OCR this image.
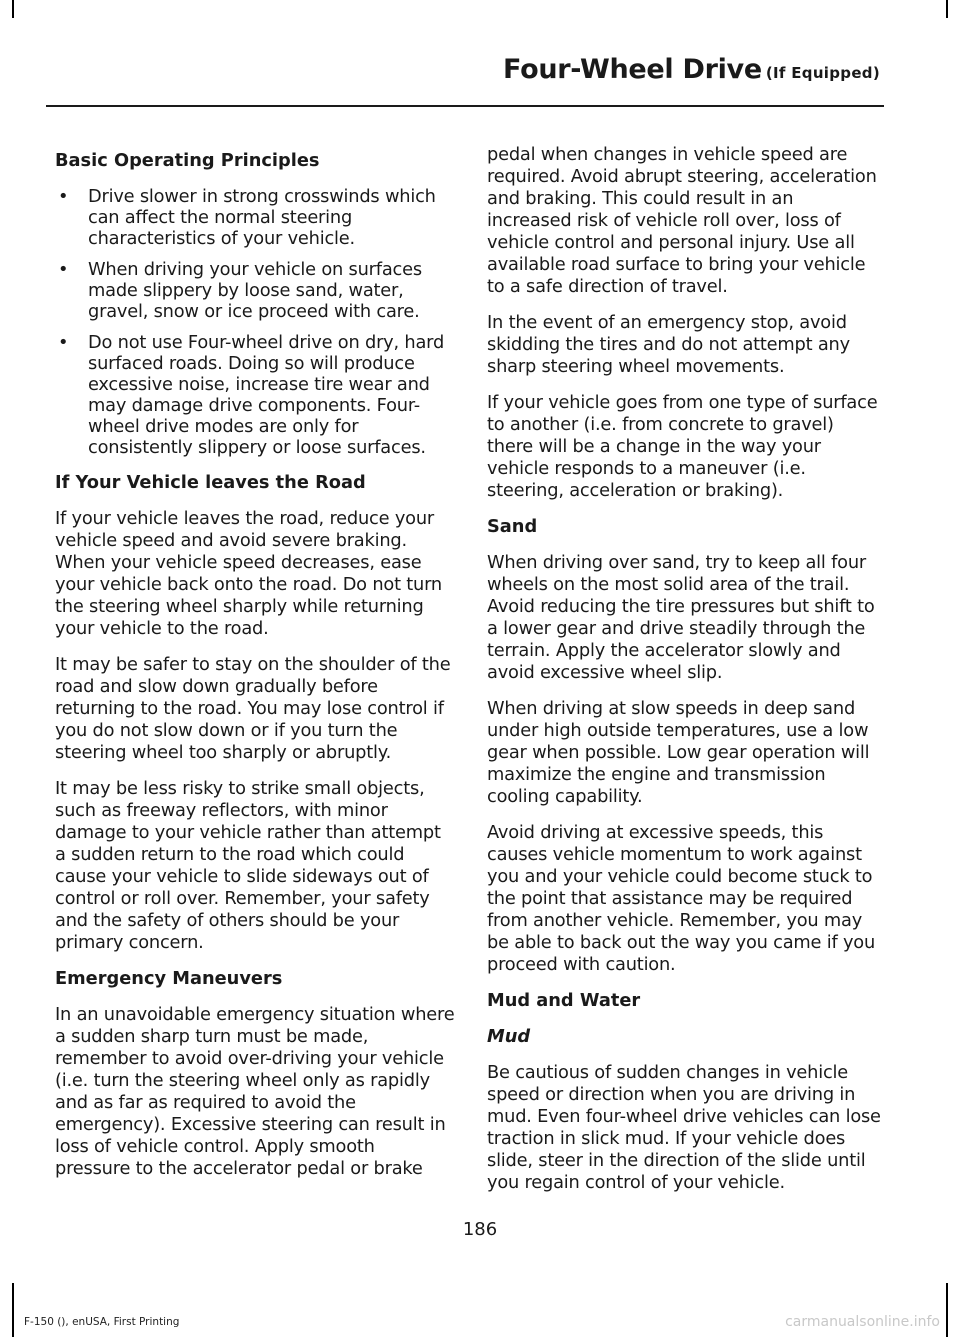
Four-Wheel Drive (If Equipped)
Basic Operating Principles
• Drive slower in strong crosswinds which can affect the normal steering characteristics of your vehicle.
• When driving your vehicle on surfaces made slippery by loose sand, water, gravel, snow or ice proceed with care.
• Do not use Four-wheel drive on dry, hard surfaced roads. Doing so will produce excessive noise, increase tire wear and may damage drive components. Four-wheel drive modes are only for consistently slippery or loose surfaces.
If Your Vehicle leaves the Road

If your vehicle leaves the road, reduce your vehicle speed and avoid severe braking. When your vehicle speed decreases, ease your vehicle back onto the road. Do not turn the steering wheel sharply while returning your vehicle to the road.

It may be safer to stay on the shoulder of the road and slow down gradually before returning to the road. You may lose control if you do not slow down or if you turn the steering wheel too sharply or abruptly.

It may be less risky to strike small objects, such as freeway reflectors, with minor damage to your vehicle rather than attempt a sudden return to the road which could cause your vehicle to slide sideways out of control or roll over. Remember, your safety and the safety of others should be your primary concern.

Emergency Maneuvers

In an unavoidable emergency situation where a sudden sharp turn must be made, remember to avoid over-driving your vehicle (i.e. turn the steering wheel only as rapidly and as far as required to avoid the emergency). Excessive steering can result in loss of vehicle control. Apply smooth pressure to the accelerator pedal or brake

pedal when changes in vehicle speed are required. Avoid abrupt steering, acceleration and braking. This could result in an increased risk of vehicle roll over, loss of vehicle control and personal injury. Use all available road surface to bring your vehicle to a safe direction of travel.

In the event of an emergency stop, avoid skidding the tires and do not attempt any sharp steering wheel movements.

If your vehicle goes from one type of surface to another (i.e. from concrete to gravel) there will be a change in the way your vehicle responds to a maneuver (i.e. steering, acceleration or braking).

Sand

When driving over sand, try to keep all four wheels on the most solid area of the trail. Avoid reducing the tire pressures but shift to a lower gear and drive steadily through the terrain. Apply the accelerator slowly and avoid excessive wheel slip.

When driving at slow speeds in deep sand under high outside temperatures, use a low gear when possible. Low gear operation will maximize the engine and transmission cooling capability.

Avoid driving at excessive speeds, this causes vehicle momentum to work against you and your vehicle could become stuck to the point that assistance may be required from another vehicle. Remember, you may be able to back out the way you came if you proceed with caution.

Mud and Water
Mud

Be cautious of sudden changes in vehicle speed or direction when you are driving in mud. Even four-wheel drive vehicles can lose traction in slick mud. If your vehicle does slide, steer in the direction of the slide until you regain control of your vehicle.

186
F-150 (), enUSA, First Printing	carmanualsonline.info
